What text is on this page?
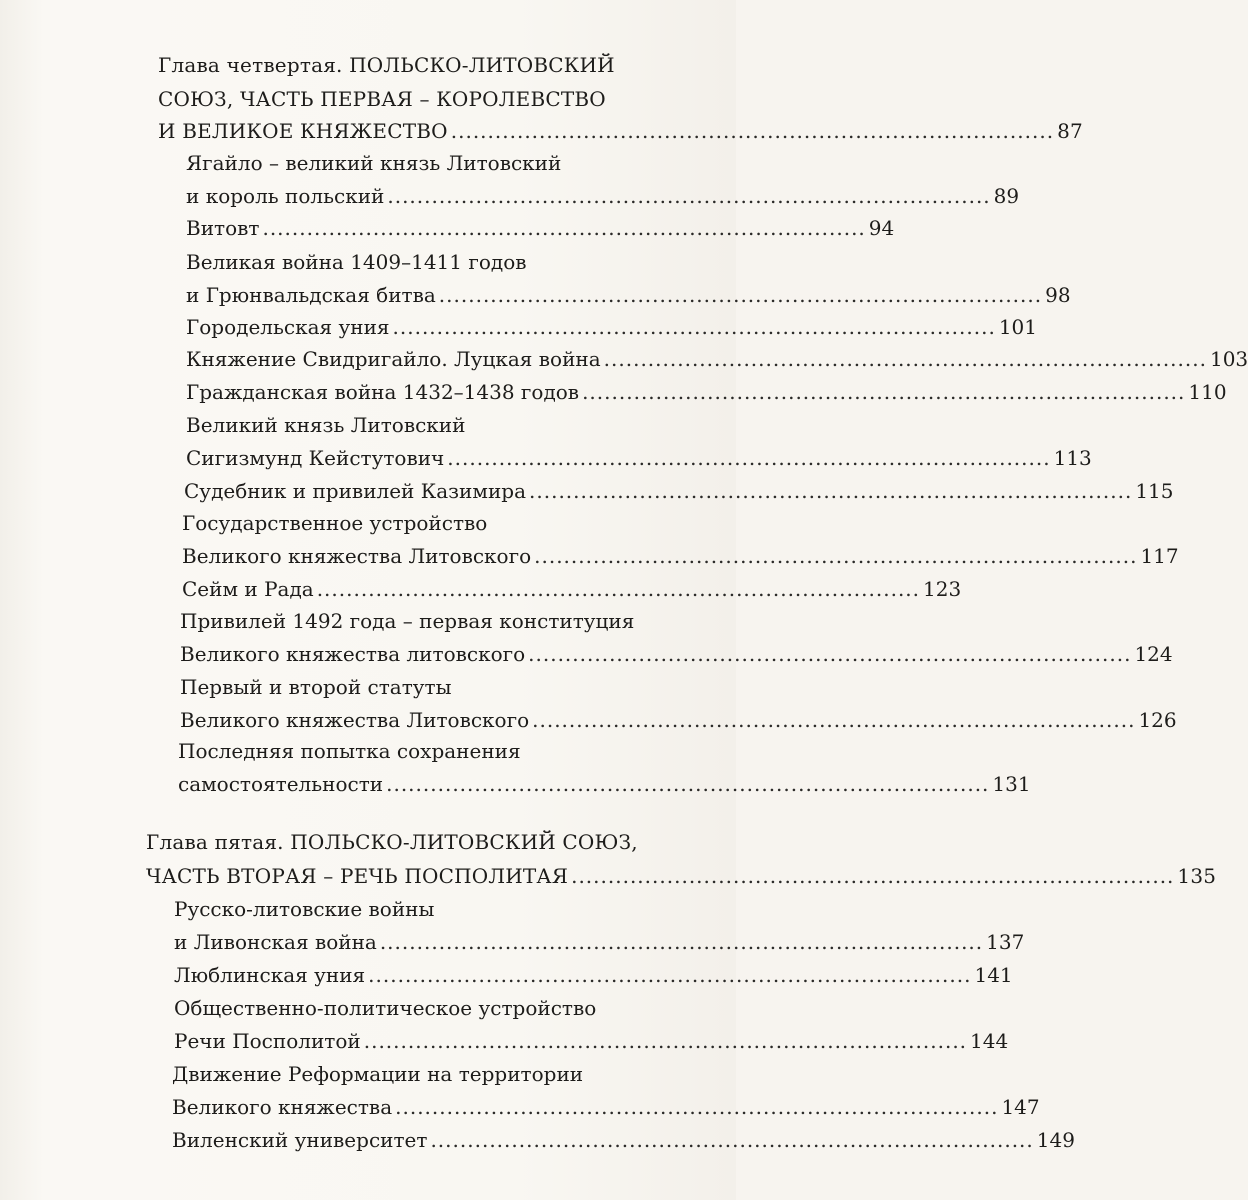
Глава четвертая. ПОЛЬСКО-ЛИТОВСКИЙ
СОЮЗ, ЧАСТЬ ПЕРВАЯ – КОРОЛЕВСТВО
И ВЕЛИКОЕ КНЯЖЕСТВО .................................................................................. 87
Ягайло – великий князь Литовский
и король польский .................................................................................. 89
Витовт .................................................................................. 94
Великая война 1409–1411 годов
и Грюнвальдская битва .................................................................................. 98
Городельская уния .................................................................................. 101
Княжение Свидригайло. Луцкая война .................................................................................. 103
Гражданская война 1432–1438 годов .................................................................................. 110
Великий князь Литовский
Сигизмунд Кейстутович .................................................................................. 113
Судебник и привилей Казимира .................................................................................. 115
Государственное устройство
Великого княжества Литовского .................................................................................. 117
Сейм и Рада .................................................................................. 123
Привилей 1492 года – первая конституция
Великого княжества литовского .................................................................................. 124
Первый и второй статуты
Великого княжества Литовского .................................................................................. 126
Последняя попытка сохранения
самостоятельности .................................................................................. 131
Глава пятая. ПОЛЬСКО-ЛИТОВСКИЙ СОЮЗ,
ЧАСТЬ ВТОРАЯ – РЕЧЬ ПОСПОЛИТАЯ .................................................................................. 135
Русско-литовские войны
и Ливонская война .................................................................................. 137
Люблинская уния .................................................................................. 141
Общественно-политическое устройство
Речи Посполитой .................................................................................. 144
Движение Реформации на территории
Великого княжества .................................................................................. 147
Виленский университет .................................................................................. 149
